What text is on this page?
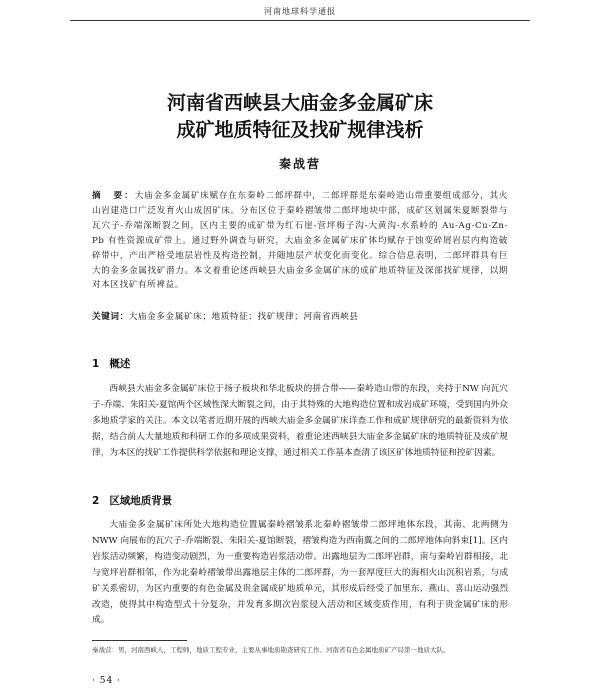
河南地球科学通报
河南省西峡县大庙金多金属矿床
成矿地质特征及找矿规律浅析
秦战营
摘　要：大庙金多金属矿床赋存在东秦岭二郎坪群中，二郎坪群是东秦岭造山带重要组成部分，其火山岩建造口广泛发育火山成因矿床。分布区位于秦岭褶皱带二郎坪地块中部，成矿区划属朱夏断裂带与瓦穴子-乔端深断裂之间，区内主要的成矿带为红石崖-营坪梅子沟-大黄沟-水系岭的 Au-Ag-Cu-Zn-Pb 有性资源成矿带上。通过野外调查与研究，大庙金多金属矿床矿体均赋存于蚀变碎屑岩层内构造破碎带中，产出严格受地层岩性及构造控制，并随地层产状变化而变化。综合信息表明，二郎坪群具有巨大的金多金属找矿潜力。本文着重论述西峡县大庙金多金属矿床的成矿地质特征及深部找矿规律，以期对本区找矿有所裨益。
关键词：大庙金多金属矿床；地质特征；找矿规律；河南省西峡县
1 概述
西峡县大庙金多金属矿床位于扬子板块和华北板块的拼合带——秦岭造山带的东段，夹持于NW 向瓦穴子-乔端、朱阳关-夏馆两个区域性深大断裂之间，由于其特殊的大地构造位置和成岩成矿环境，受到国内外众多地质学家的关注。本文以笔者近期开展的西峡大庙金多金属矿床详查工作和成矿规律研究的最新资料为依据，结合前人大量地质和科研工作的多项成果资料，着重论述西峡县大庙金多金属矿床的地质特征及成矿规律，为本区的找矿工作提供科学依据和理论支撑，通过相关工作基本查清了该区矿体地质特征和控矿因素。
2 区域地质背景
大庙金多金属矿床所处大地构造位置属秦岭褶皱系北秦岭褶皱带二郎坪地体东段，其南、北两侧为 NWW 向展布的瓦穴子-乔端断裂、朱阳关-夏馆断裂，褶皱构造为西南翼之间的二郎坪地体向斜束[1]。区内岩浆活动频繁，构造变动剧烈，为一重要构造岩浆活动带。出露地层为二郎坪岩群，南与秦岭岩群相接，北与宽坪岩群相邻，作为北秦岭褶皱带出露地层主体的二郎坪群，为一套厚度巨大的海相火山沉积岩系，与成矿关系密切，为区内重要的有色金属及贵金属成矿地质单元，其形成后经受了加里东、燕山、喜山运动强烈改造，使得其中构造型式十分复杂，并发育多期次岩浆侵入活动和区域变质作用，有利于贵金属矿床的形成。
秦战营：男，河南西峡人，工程师，地质工程专业，主要从事地质勘查研究工作。河南省有色金属地质矿产局第一地质大队。
· 54 ·
